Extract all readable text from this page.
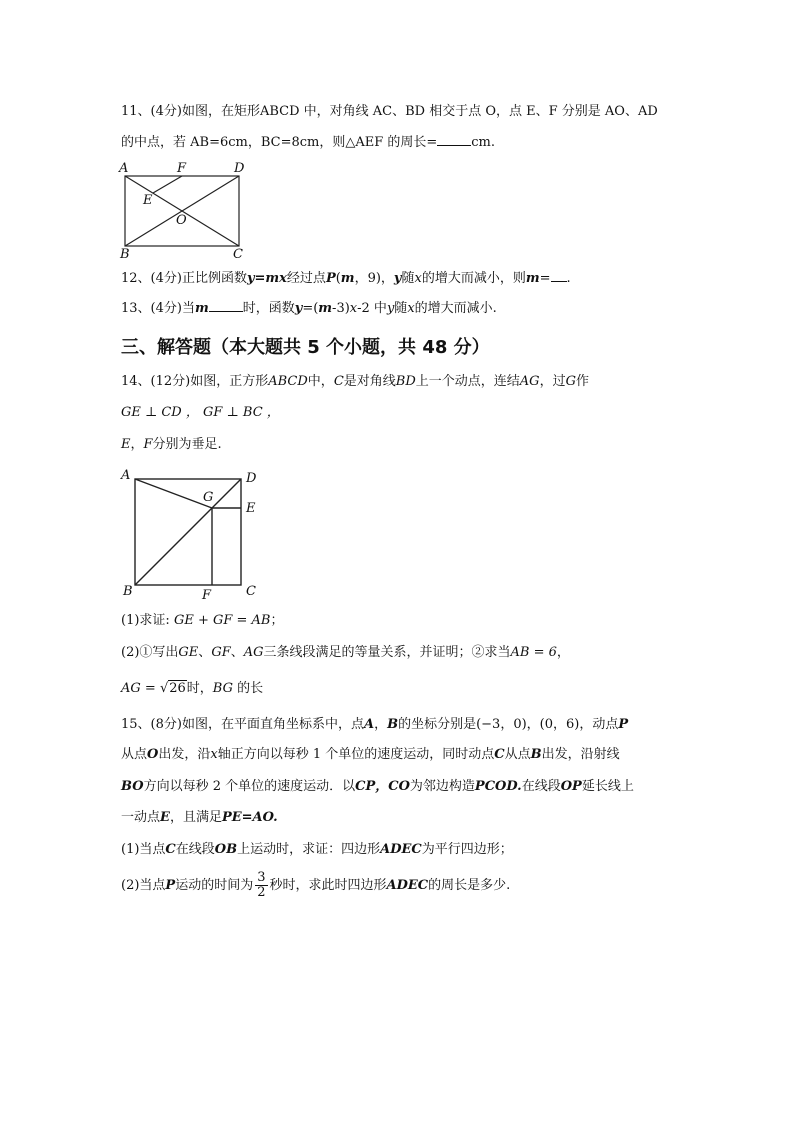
11、(4分)如图，在矩形ABCD 中，对角线 AC、BD 相交于点 O，点 E、F 分别是 AO、AD
的中点，若 AB=6cm，BC=8cm，则△AEF 的周长=	cm.
A	F	D
E
O
B	C
12、(4分)正比例函数y=mx经过点P(m，9)，y随x的增大而减小，则m= .
13、(4分)当m	时，函数y=(m-3)x-2 中y随x的增大而减小.
三、解答题（本大题共 5 个小题，共 48 分）
14、(12分)如图，正方形ABCD中，C是对角线BD上一个动点，连结AG，过G作
GE ⊥ CD ， GF ⊥ BC ，
E，F分别为垂足.
A	D
G
E
B	F	C
(1)求证: GE + GF = AB；
(2)①写出GE、GF、AG三条线段满足的等量关系，并证明；②求当AB = 6，
AG = √26时，BG 的长
15、(8分)如图，在平面直角坐标系中，点A，B的坐标分别是(−3，0)，(0，6)，动点P
从点O出发，沿x轴正方向以每秒 1 个单位的速度运动，同时动点C从点B出发，沿射线
BO方向以每秒 2 个单位的速度运动．以CP，CO为邻边构造PCOD.在线段OP延长线上
一动点E，且满足PE=AO.
(1)当点C在线段OB上运动时，求证：四边形ADEC为平行四边形；
(2)当点P运动的时间为 $\frac{3}{2}$ 秒时，求此时四边形ADEC的周长是多少.
